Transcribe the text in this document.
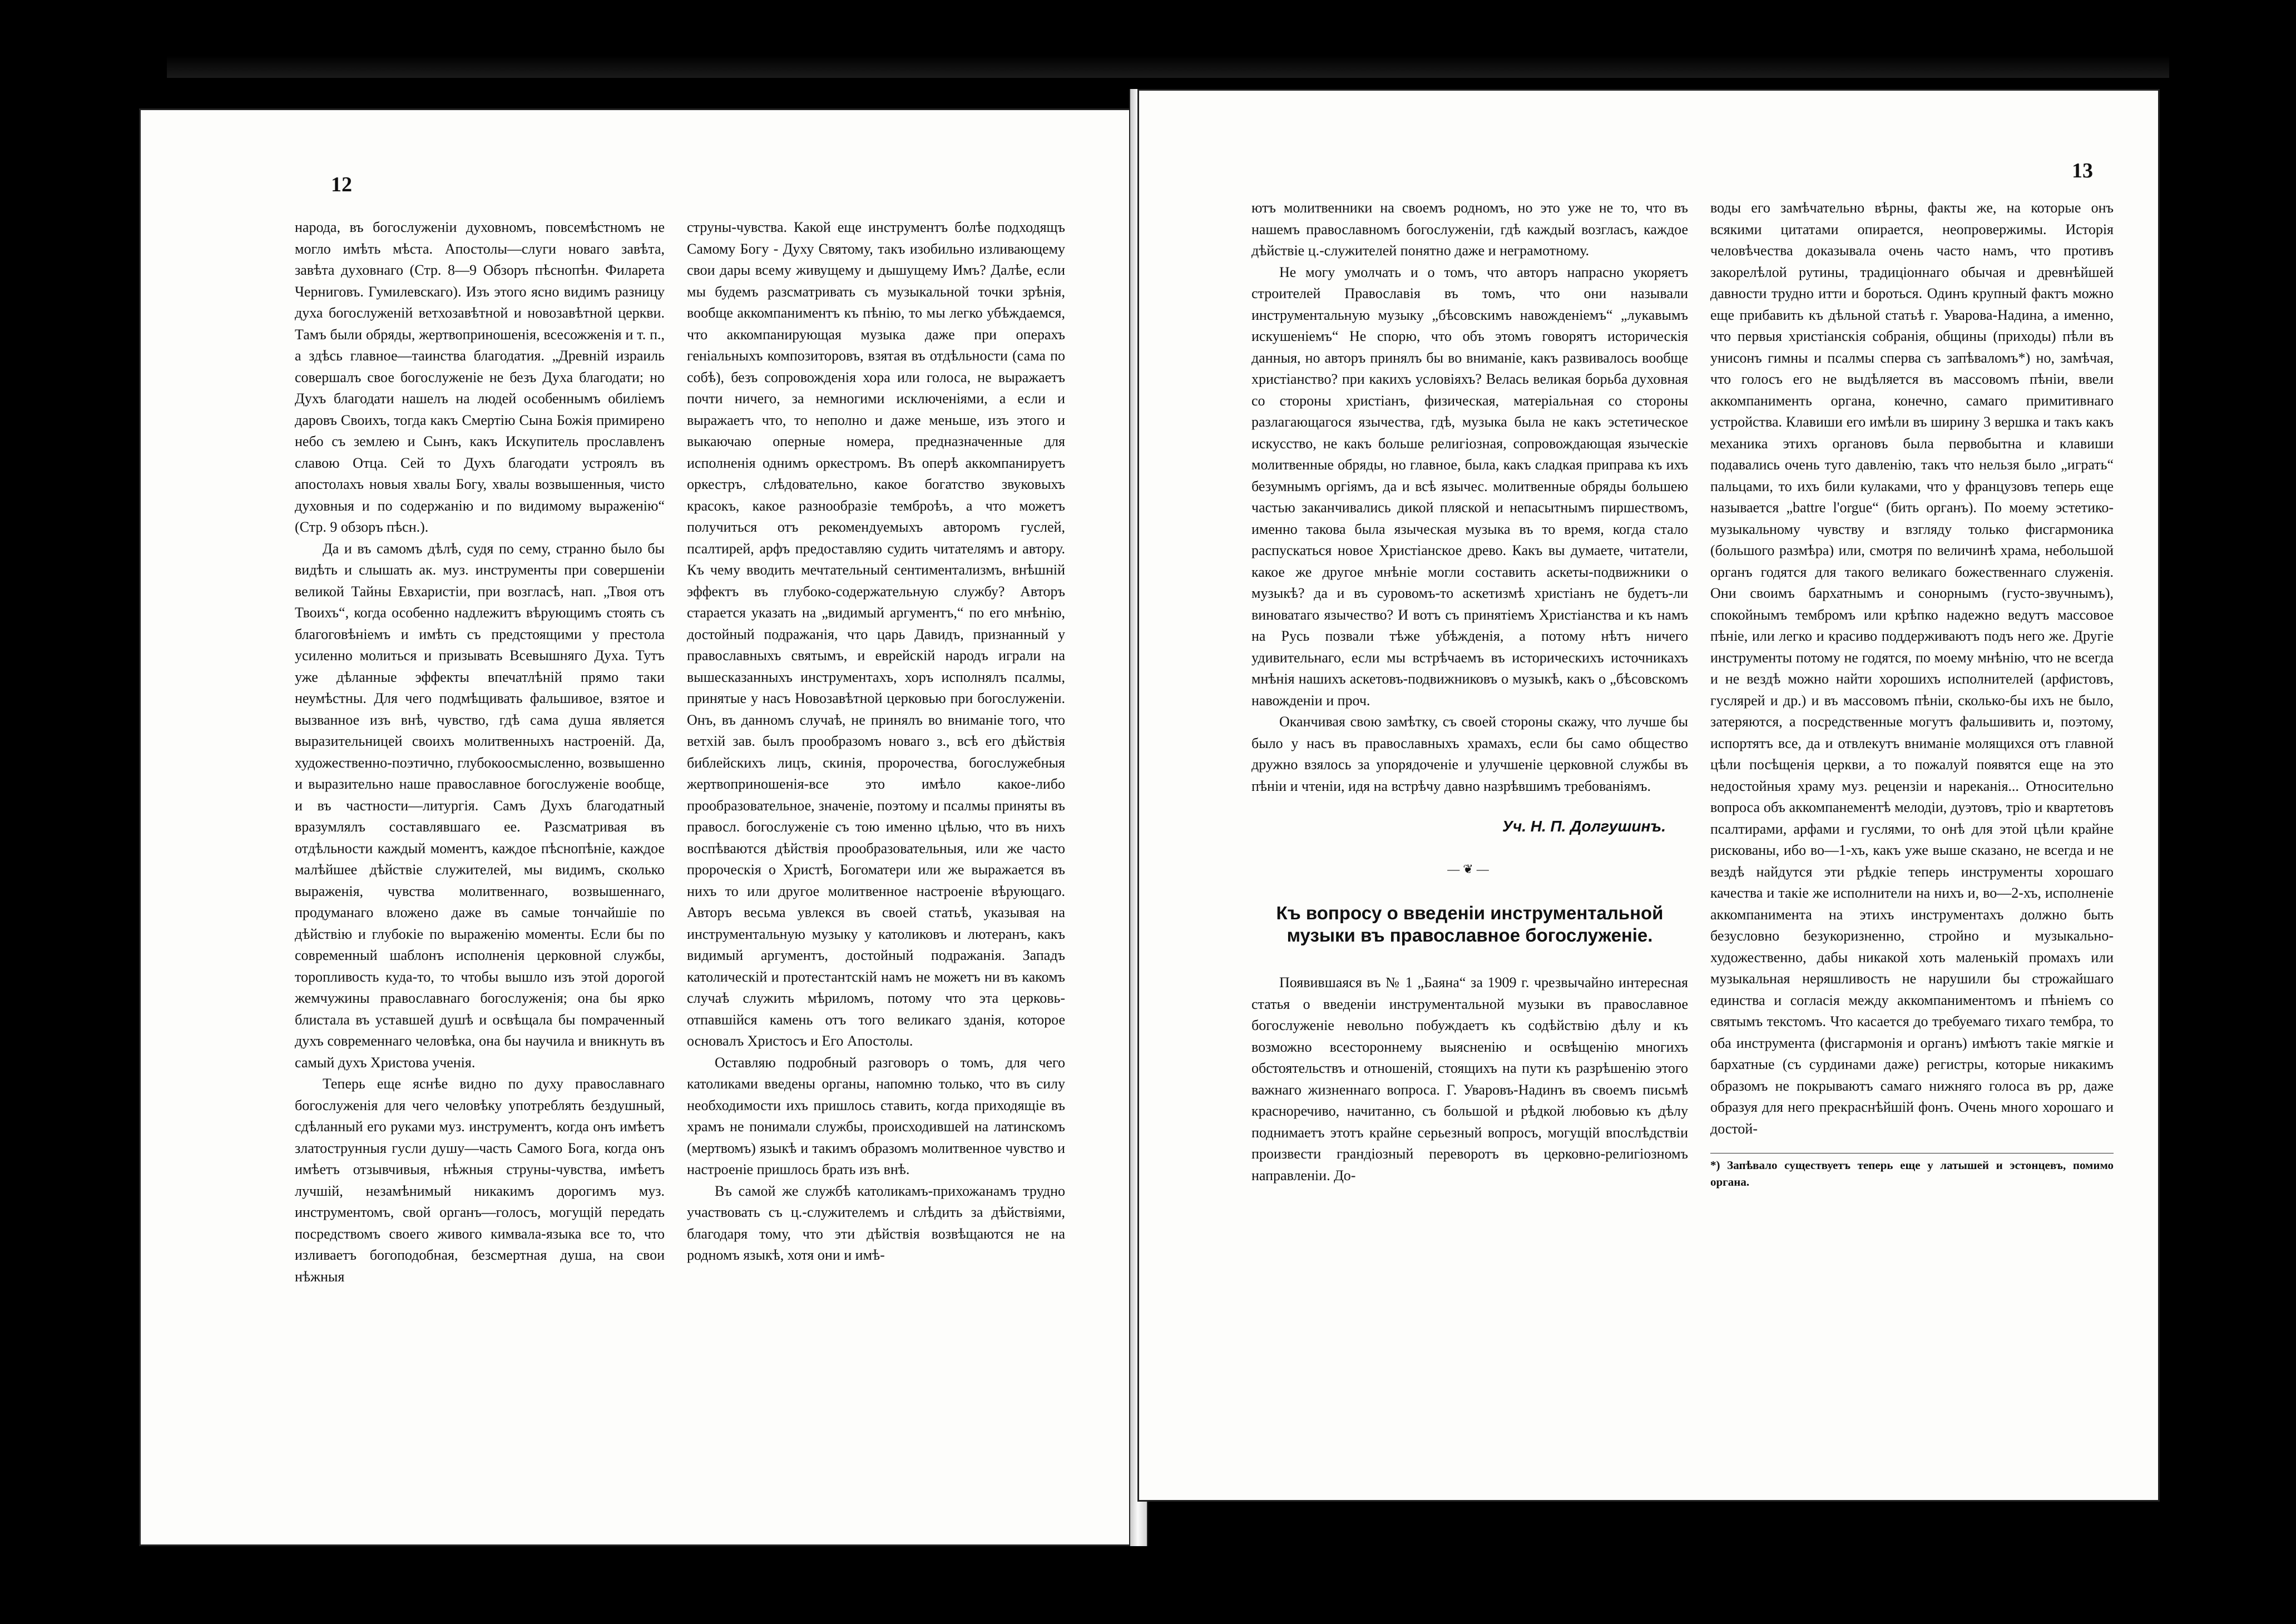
12

народа, въ богослуженіи духовномъ, повсемѣстномъ не могло имѣть мѣста. Апостолы—слуги новаго завѣта, завѣта духовнаго (Стр. 8—9 Обзоръ пѣснопѣн. Филарета Черниговъ. Гумилевскаго). Изъ этого ясно видимъ разницу духа богослуженій ветхозавѣтной и новозавѣтной церкви. Тамъ были обряды, жертвоприношенія, всесожженія и т. п., а здѣсь главное—таинства благодатия. „Древній израиль совершалъ свое богослуженіе не безъ Духа благодати; но Духъ благодати нашелъ на людей особеннымъ обиліемъ даровъ Своихъ, тогда какъ Смертію Сына Божія примирено небо съ землею и Сынъ, какъ Искупитель прославленъ славою Отца. Сей то Духъ благодати устроялъ въ апостолахъ новыя хвалы Богу, хвалы возвышенныя, чисто духовныя и по содержанію и по видимому выраженію“ (Стр. 9 обзоръ пѣсн.).

Да и въ самомъ дѣлѣ, судя по сему, странно было бы видѣть и слышать ак. муз. инструменты при совершеніи великой Тайны Евхаристіи, при возгласѣ, нап. „Твоя отъ Твоихъ“, когда особенно надлежитъ вѣрующимъ стоять съ благоговѣніемъ и имѣть съ предстоящими у престола усиленно молиться и призывать Всевышняго Духа. Тутъ уже дѣланные эффекты впечатлѣній прямо таки неумѣстны. Для чего подмѣщивать фальшивое, взятое и вызванное изъ внѣ, чувство, гдѣ сама душа является выразительницей своихъ молитвенныхъ настроеній. Да, художественно-поэтично, глубокоосмысленно, возвышенно и выразительно наше православное богослуженіе вообще, и въ частности—литургія. Самъ Духъ благодатный вразумлялъ составлявшаго ее. Разсматривая въ отдѣльности каждый моментъ, каждое пѣснопѣніе, каждое малѣйшее дѣйствіе служителей, мы видимъ, сколько выраженія, чувства молитвеннаго, возвышеннаго, продуманаго вложено даже въ самые тончайшіе по дѣйствію и глубокіе по выраженію моменты. Если бы по современный шаблонъ исполненія церковной службы, торопливость куда-то, то чтобы вышло изъ этой дорогой жемчужины православнаго богослуженія; она бы ярко блистала въ уставшей душѣ и освѣщала бы помраченный духъ современнаго человѣка, она бы научила и вникнуть въ самый духъ Христова ученія.

Теперь еще яснѣе видно по духу православнаго богослуженія для чего человѣку употреблять бездушный, сдѣланный его руками муз. инструментъ, когда онъ имѣетъ златострунныя гусли душу—часть Самого Бога, когда онъ имѣетъ отзывчивыя, нѣжныя струны-чувства, имѣетъ лучшій, незамѣнимый никакимъ дорогимъ муз. инструментомъ, свой органъ—голосъ, могущій передать посредствомъ своего живого кимвала-языка все то, что изливаетъ богоподобная, безсмертная душа, на свои нѣжныя

струны-чувства. Какой еще инструментъ болѣе подходящъ Самому Богу - Духу Святому, такъ изобильно изливающему свои дары всему живущему и дышущему Имъ? Далѣе, если мы будемъ разсматривать съ музыкальной точки зрѣнія, вообще аккомпаниментъ къ пѣнію, то мы легко убѣждаемся, что аккомпанирующая музыка даже при операхъ геніальныхъ композиторовъ, взятая въ отдѣльности (сама по собѣ), безъ сопровожденія хора или голоса, не выражаетъ почти ничего, за немногими исключеніями, а если и выражаетъ что, то неполно и даже меньше, изъ этого и выкаючаю оперные номера, предназначенные для исполненія однимъ оркестромъ. Въ оперѣ аккомпанируетъ оркестръ, слѣдовательно, какое богатство звуковыхъ красокъ, какое разнообразіе темброѣъ, а что можетъ получиться отъ рекомендуемыхъ авторомъ гуслей, псалтирей, арфъ предоставляю судить читателямъ и автору. Къ чему вводить мечтательный сентиментализмъ, внѣшній эффектъ въ глубоко-содержательную службу? Авторъ старается указать на „видимый аргументъ,“ по его мнѣнію, достойный подражанія, что царь Давидъ, признанный у православныхъ святымъ, и еврейскій народъ играли на вышесказанныхъ инструментахъ, хоръ исполнялъ псалмы, принятые у насъ Новозавѣтной церковью при богослуженіи. Онъ, въ данномъ случаѣ, не принялъ во вниманіе того, что ветхій зав. былъ прообразомъ новаго з., всѣ его дѣйствія библейскихъ лицъ, скинія, пророчества, богослужебныя жертвоприношенія-все это имѣло какое-либо прообразовательное, значеніе, поэтому и псалмы приняты въ правосл. богослуженіе съ тою именно цѣлью, что въ нихъ воспѣваются дѣйствія прообразовательныя, или же часто пророческія о Христѣ, Богоматери или же выражается въ нихъ то или другое молитвенное настроеніе вѣрующаго. Авторъ весьма увлекся въ своей статьѣ, указывая на инструментальную музыку у католиковъ и лютеранъ, какъ видимый аргументъ, достойный подражанія. Западъ католическій и протестантскій намъ не можетъ ни въ какомъ случаѣ служить мѣриломъ, потому что эта церковь-отпавшійся камень отъ того великаго зданія, которое основалъ Христосъ и Его Апостолы.

Оставляю подробный разговоръ о томъ, для чего католиками введены органы, напомню только, что въ силу необходимости ихъ пришлось ставить, когда приходящіе въ храмъ не понимали службы, происходившей на латинскомъ (мертвомъ) языкѣ и такимъ образомъ молитвенное чувство и настроеніе пришлось брать изъ внѣ.

Въ самой же службѣ католикамъ-прихожанамъ трудно участвовать съ ц.-служителемъ и слѣдить за дѣйствіями, благодаря тому, что эти дѣйствія возвѣщаются не на родномъ языкѣ, хотя они и имѣ-

13

ютъ молитвенники на своемъ родномъ, но это уже не то, что въ нашемъ православномъ богослуженіи, гдѣ каждый возгласъ, каждое дѣйствіе ц.-служителей понятно даже и неграмотному.

Не могу умолчать и о томъ, что авторъ напрасно укоряетъ строителей Православія въ томъ, что они называли инструментальную музыку „бѣсовскимъ навожденіемъ“ „лукавымъ искушеніемъ“ Не спорю, что объ этомъ говорятъ историческія данныя, но авторъ принялъ бы во вниманіе, какъ развивалось вообще христіанство? при какихъ условіяхъ? Велась великая борьба духовная со стороны христіанъ, физическая, матеріальная со стороны разлагающагося язычества, гдѣ, музыка была не какъ эстетическое искусство, не какъ больше религіозная, сопровождающая языческіе молитвенные обряды, но главное, была, какъ сладкая приправа къ ихъ безумнымъ оргіямъ, да и всѣ язычес. молитвенные обряды большею частью заканчивались дикой пляской и непасытнымъ пиршествомъ, именно такова была языческая музыка въ то время, когда стало распускаться новое Христіанское древо. Какъ вы думаете, читатели, какое же другое мнѣніе могли составить аскеты-подвижники о музыкѣ? да и въ суровомъ-то аскетизмѣ христіанъ не будетъ-ли виноватаго язычество? И вотъ съ принятіемъ Христіанства и къ намъ на Русь позвали тѣже убѣжденія, а потому нѣтъ ничего удивительнаго, если мы встрѣчаемъ въ историческихъ источникахъ мнѣнія нашихъ аскетовъ-подвижниковъ о музыкѣ, какъ о „бѣсовскомъ навожденіи и проч.

Оканчивая свою замѣтку, съ своей стороны скажу, что лучше бы было у насъ въ православныхъ храмахъ, если бы само общество дружно взялось за упорядоченіе и улучшеніе церковной службы въ пѣніи и чтеніи, идя на встрѣчу давно назрѣвшимъ требованіямъ.

Уч. Н. П. Долгушинъ.
—❦—
Къ вопросу о введеніи инструментальной
музыки въ православное богослуженіе.

Появившаяся въ № 1 „Баяна“ за 1909 г. чрезвычайно интересная статья о введеніи инструментальной музыки въ православное богослуженіе невольно побуждаетъ къ содѣйствію дѣлу и къ возможно всестороннему выясненію и освѣщенію многихъ обстоятельствъ и отношеній, стоящихъ на пути къ разрѣшенію этого важнаго жизненнаго вопроса. Г. Уваровъ-Надинъ въ своемъ письмѣ красноречиво, начитанно, съ большой и рѣдкой любовью къ дѣлу поднимаетъ этотъ крайне серьезный вопросъ, могущій впослѣдствіи произвести грандіозный переворотъ въ церковно-религіозномъ направленіи. До-

воды его замѣчательно вѣрны, факты же, на которые онъ всякими цитатами опирается, неопровержимы. Исторія человѣчества доказывала очень часто намъ, что противъ закорелѣлой рутины, традиціоннаго обычая и древнѣйшей давности трудно итти и бороться. Одинъ крупный фактъ можно еще прибавить къ дѣльной статьѣ г. Уварова-Надина, а именно, что первыя христіанскія собранія, общины (приходы) пѣли въ унисонъ гимны и псалмы сперва съ запѣваломъ*) но, замѣчая, что голосъ его не выдѣляется въ массовомъ пѣніи, ввели аккомпанименть органа, конечно, самаго примитивнаго устройства. Клавиши его имѣли въ ширину 3 вершка и такъ какъ механика этихъ органовъ была первобытна и клавиши подавались очень туго давленію, такъ что нельзя было „играть“ пальцами, то ихъ били кулаками, что у французовъ теперь еще называется „battre l'orgue“ (бить органъ). По моему эстетико-музыкальному чувству и взгляду только фисгармоника (большого размѣра) или, смотря по величинѣ храма, небольшой органъ годятся для такого великаго божественнаго служенія. Они своимъ бархатнымъ и сонорнымъ (густо-звучнымъ), спокойнымъ тембромъ или крѣпко надежно ведутъ массовое пѣніе, или легко и красиво поддерживаютъ подъ него же. Другіе инструменты потому не годятся, по моему мнѣнію, что не всегда и не вездѣ можно найти хорошихъ исполнителей (арфистовъ, гуслярей и др.) и въ массовомъ пѣніи, сколько-бы ихъ не было, затеряются, а посредственные могутъ фальшивить и, поэтому, испортятъ все, да и отвлекутъ вниманіе молящихся отъ главной цѣли посѣщенія церкви, а то пожалуй появятся еще на это недостойныя храму муз. рецензіи и нареканія... Относительно вопроса объ аккомпанементѣ мелодіи, дуэтовъ, тріо и квартетовъ псалтирами, арфами и гуслями, то онѣ для этой цѣли крайне рискованы, ибо во—1-хъ, какъ уже выше сказано, не всегда и не вездѣ найдутся эти рѣдкіе теперь инструменты хорошаго качества и такіе же исполнители на нихъ и, во—2-хъ, исполненіе аккомпанимента на этихъ инструментахъ должно быть безусловно безукоризненно, стройно и музыкально-художественно, дабы никакой хоть маленькій промахъ или музыкальная неряшливость не нарушили бы строжайшаго единства и согласія между аккомпаниментомъ и пѣніемъ со святымъ текстомъ. Что касается до требуемаго тихаго тембра, то оба инструмента (фисгармонія и органъ) имѣютъ такіе мягкіе и бархатные (съ сурдинами даже) регистры, которые никакимъ образомъ не покрываютъ самаго нижняго голоса въ pp, даже образуя для него прекраснѣйшій фонъ. Очень много хорошаго и достой-

*) Запѣвало существуетъ теперь еще у латышей и эстонцевъ, помимо органа.
